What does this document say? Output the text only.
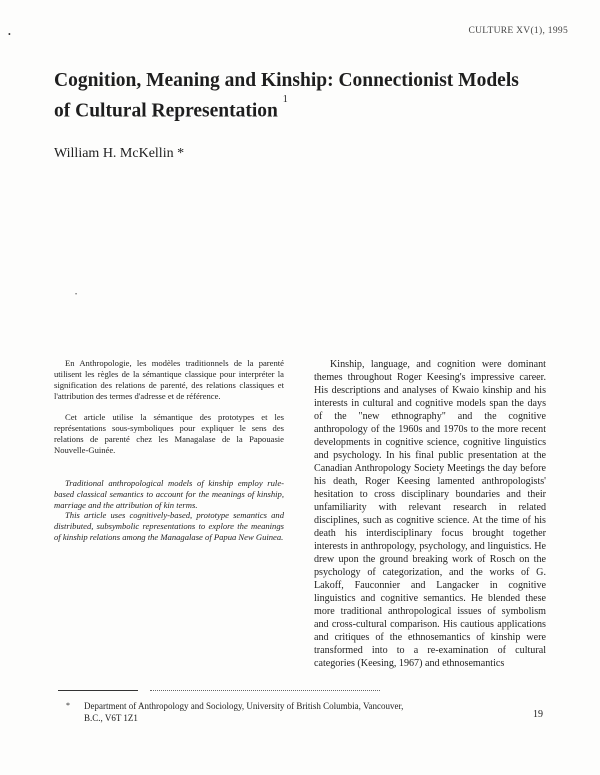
•	CULTURE XV(1), 1995
Cognition, Meaning and Kinship: Connectionist Models of Cultural Representation $^1$
William H. McKellin *
•

En Anthropologie, les modèles traditionnels de la parenté utilisent les règles de la sémantique classique pour interpréter la signification des relations de parenté, des relations classiques et l'attribution des termes d'adresse et de référence.

Cet article utilise la sémantique des prototypes et les représentations sous-symboliques pour expliquer le sens des relations de parenté chez les Managalase de la Papouasie Nouvelle-Guinée.

Traditional anthropological models of kinship employ rule-based classical semantics to account for the meanings of kinship, marriage and the attribution of kin terms.

This article uses cognitively-based, prototype semantics and distributed, subsymbolic representations to explore the meanings of kinship relations among the Managalase of Papua New Guinea.

Kinship, language, and cognition were dominant themes throughout Roger Keesing's impressive career. His descriptions and analyses of Kwaio kinship and his interests in cultural and cognitive models span the days of the "new ethnography" and the cognitive anthropology of the 1960s and 1970s to the more recent developments in cognitive science, cognitive linguistics and psychology. In his final public presentation at the Canadian Anthropology Society Meetings the day before his death, Roger Keesing lamented anthropologists' hesitation to cross disciplinary boundaries and their unfamiliarity with relevant research in related disciplines, such as cognitive science. At the time of his death his interdisciplinary focus brought together interests in anthropology, psychology, and linguistics. He drew upon the ground breaking work of Rosch on the psychology of categorization, and the works of G. Lakoff, Fauconnier and Langacker in cognitive linguistics and cognitive semantics. He blended these more traditional anthropological issues of symbolism and cross-cultural comparison. His cautious applications and critiques of the ethnosemantics of kinship were transformed into to a re-examination of cultural categories (Keesing, 1967) and ethnosemantics

* Department of Anthropology and Sociology, University of British Columbia, Vancouver, B.C., V6T 1Z1	19
